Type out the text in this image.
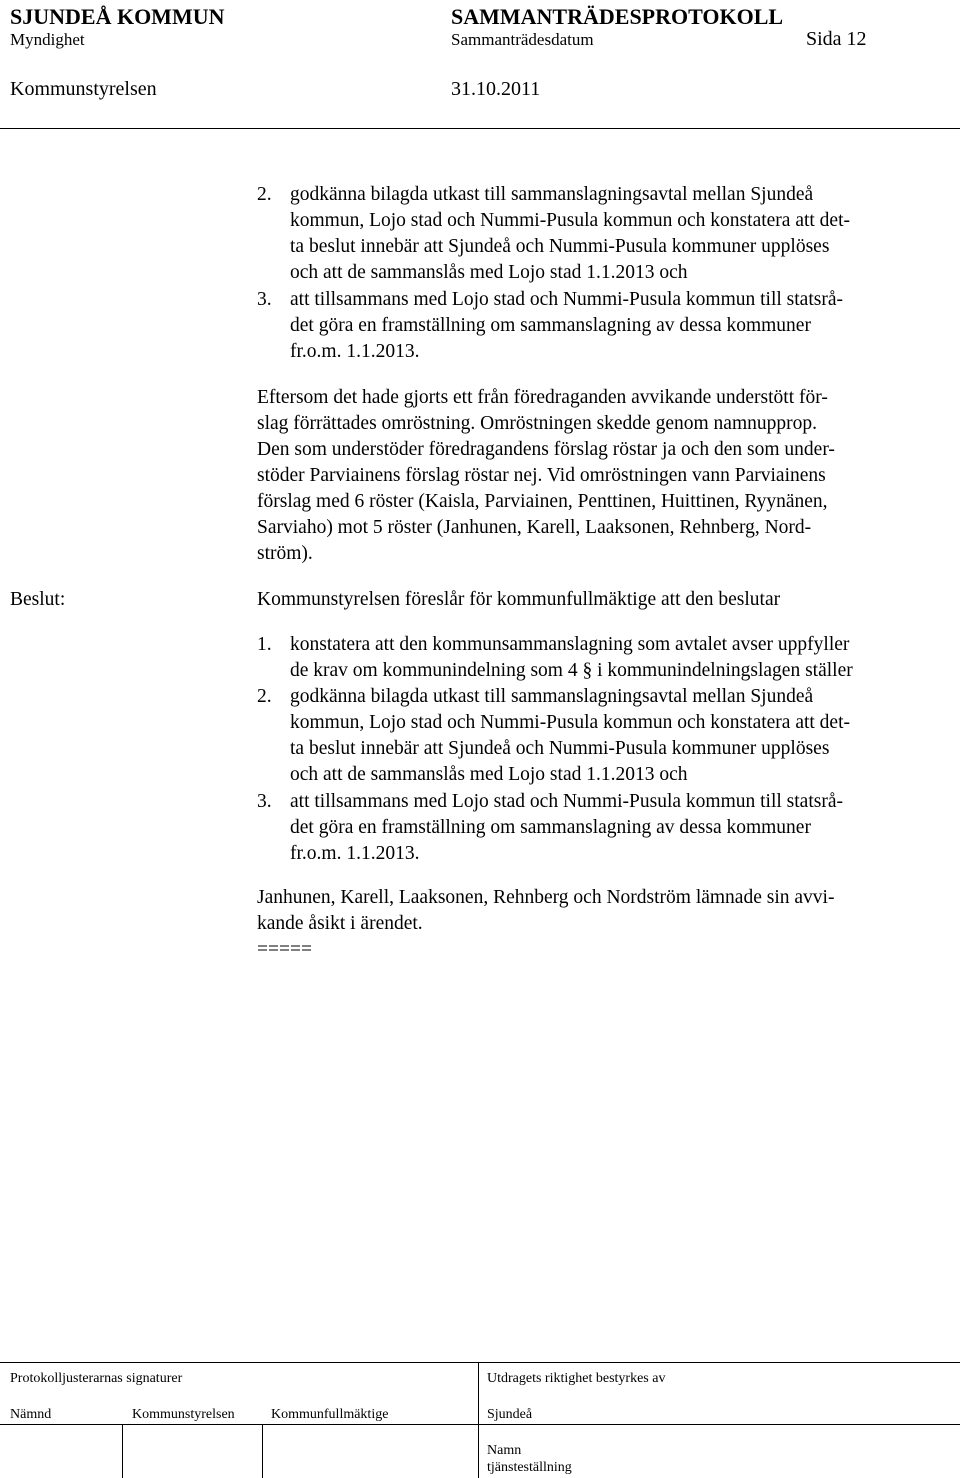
SJUNDEÅ KOMMUN	SAMMANTRÄDESPROTOKOLL
Myndighet	Sammanträdesdatum	Sida 12
Kommunstyrelsen	31.10.2011
2. godkänna bilagda utkast till sammanslagningsavtal mellan Sjundeå
kommun, Lojo stad och Nummi-Pusula kommun och konstatera att det-
ta beslut innebär att Sjundeå och Nummi-Pusula kommuner upplöses
och att de sammanslås med Lojo stad 1.1.2013 och
3. att tillsammans med Lojo stad och Nummi-Pusula kommun till statsrå-
det göra en framställning om sammanslagning av dessa kommuner
fr.o.m. 1.1.2013.
Eftersom det hade gjorts ett från föredraganden avvikande understött för-
slag förrättades omröstning. Omröstningen skedde genom namnupprop.
Den som understöder föredragandens förslag röstar ja och den som under-
stöder Parviainens förslag röstar nej. Vid omröstningen vann Parviainens
förslag med 6 röster (Kaisla, Parviainen, Penttinen, Huittinen, Ryynänen,
Sarviaho) mot 5 röster (Janhunen, Karell, Laaksonen, Rehnberg, Nord-
ström).
Beslut:	Kommunstyrelsen föreslår för kommunfullmäktige att den beslutar
1. konstatera att den kommunsammanslagning som avtalet avser uppfyller
de krav om kommunindelning som 4 § i kommunindelningslagen ställer
2. godkänna bilagda utkast till sammanslagningsavtal mellan Sjundeå
kommun, Lojo stad och Nummi-Pusula kommun och konstatera att det-
ta beslut innebär att Sjundeå och Nummi-Pusula kommuner upplöses
och att de sammanslås med Lojo stad 1.1.2013 och
3. att tillsammans med Lojo stad och Nummi-Pusula kommun till statsrå-
det göra en framställning om sammanslagning av dessa kommuner
fr.o.m. 1.1.2013.
Janhunen, Karell, Laaksonen, Rehnberg och Nordström lämnade sin avvi-
kande åsikt i ärendet.
=====
Protokolljusterarnas signaturer	Utdragets riktighet bestyrkes av
Nämnd	Kommunstyrelsen	Kommunfullmäktige	Sjundeå
Namn
tjänsteställning
